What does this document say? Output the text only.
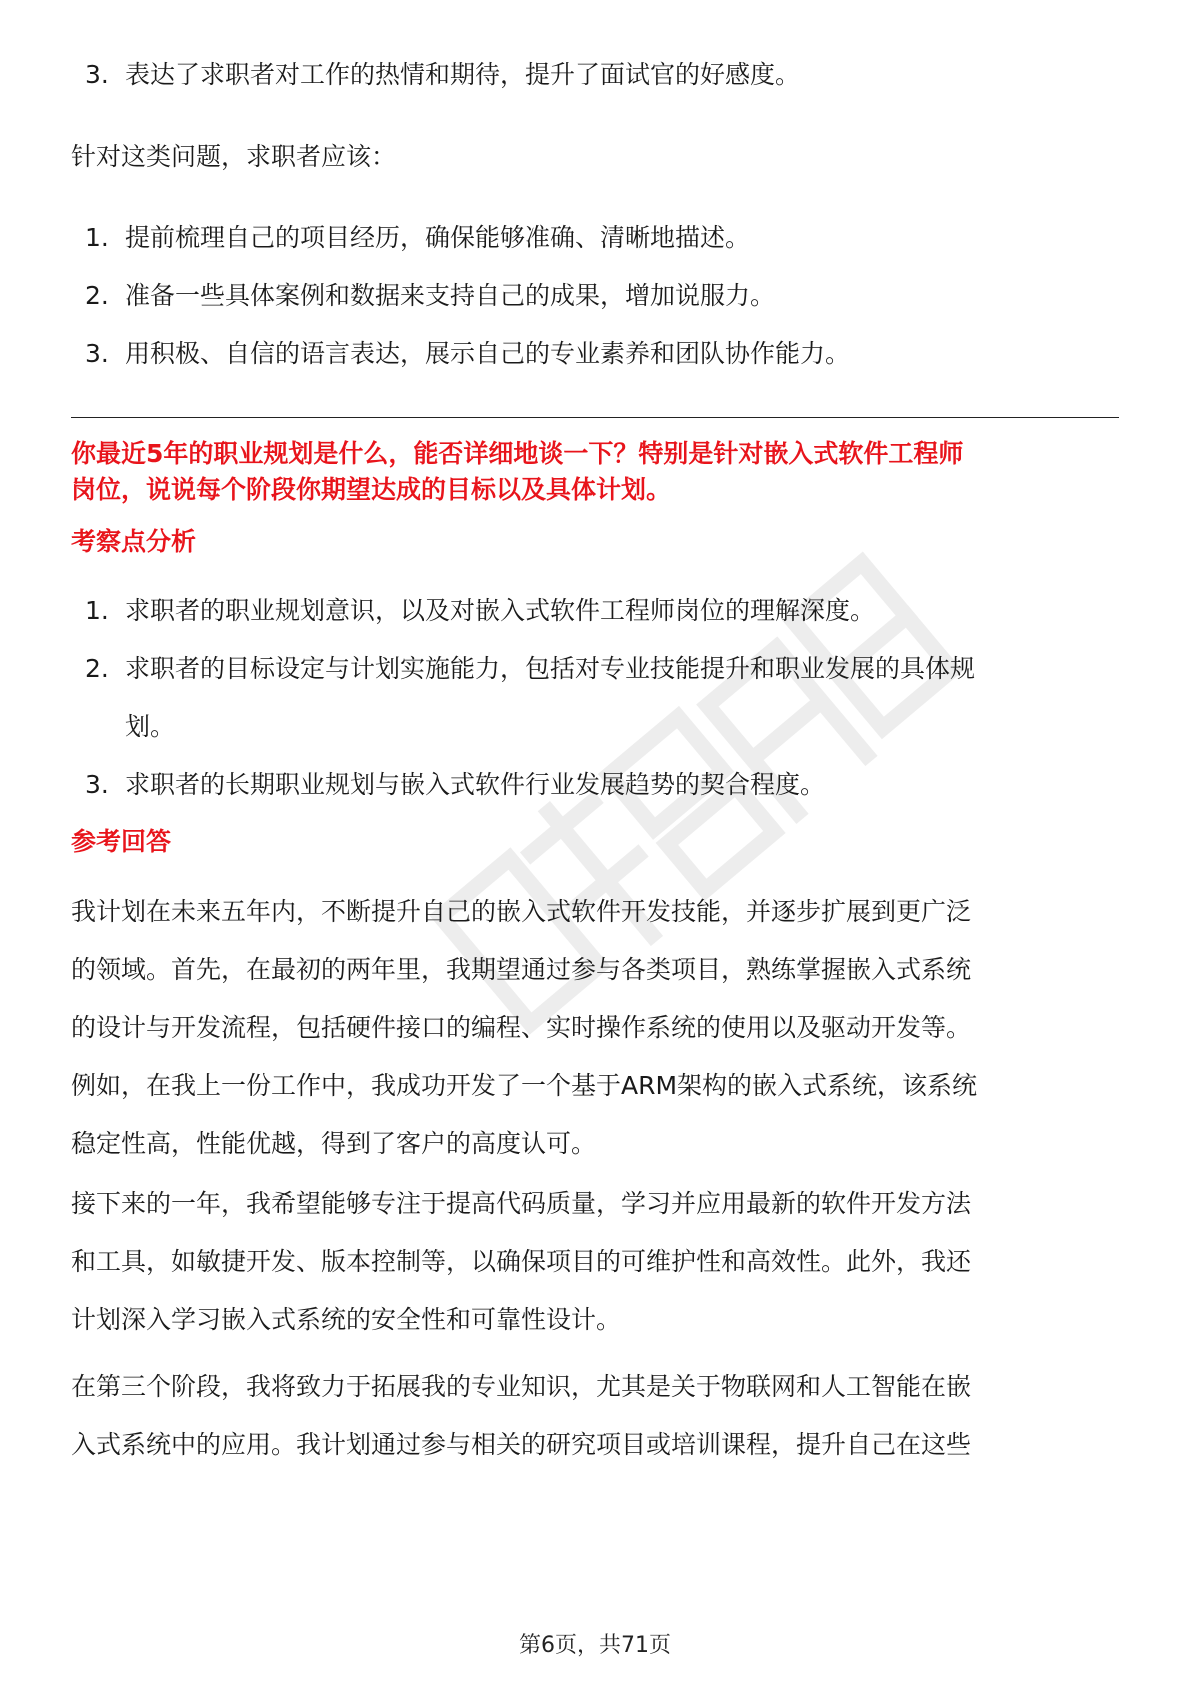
3. 表达了求职者对工作的热情和期待，提升了面试官的好感度。

针对这类问题，求职者应该：

1. 提前梳理自己的项目经历，确保能够准确、清晰地描述。
2. 准备一些具体案例和数据来支持自己的成果，增加说服力。
3. 用积极、自信的语言表达，展示自己的专业素养和团队协作能力。

你最近5年的职业规划是什么，能否详细地谈一下？特别是针对嵌入式软件工程师

岗位，说说每个阶段你期望达成的目标以及具体计划。

考察点分析

1. 求职者的职业规划意识，以及对嵌入式软件工程师岗位的理解深度。
2. 求职者的目标设定与计划实施能力，包括对专业技能提升和职业发展的具体规
划。
3. 求职者的长期职业规划与嵌入式软件行业发展趋势的契合程度。

参考回答

我计划在未来五年内，不断提升自己的嵌入式软件开发技能，并逐步扩展到更广泛

的领域。首先，在最初的两年里，我期望通过参与各类项目，熟练掌握嵌入式系统

的设计与开发流程，包括硬件接口的编程、实时操作系统的使用以及驱动开发等。

例如，在我上一份工作中，我成功开发了一个基于ARM架构的嵌入式系统，该系统

稳定性高，性能优越，得到了客户的高度认可。

接下来的一年，我希望能够专注于提高代码质量，学习并应用最新的软件开发方法

和工具，如敏捷开发、版本控制等，以确保项目的可维护性和高效性。此外，我还

计划深入学习嵌入式系统的安全性和可靠性设计。

在第三个阶段，我将致力于拓展我的专业知识，尤其是关于物联网和人工智能在嵌

入式系统中的应用。我计划通过参与相关的研究项目或培训课程，提升自己在这些

第6页，共71页
